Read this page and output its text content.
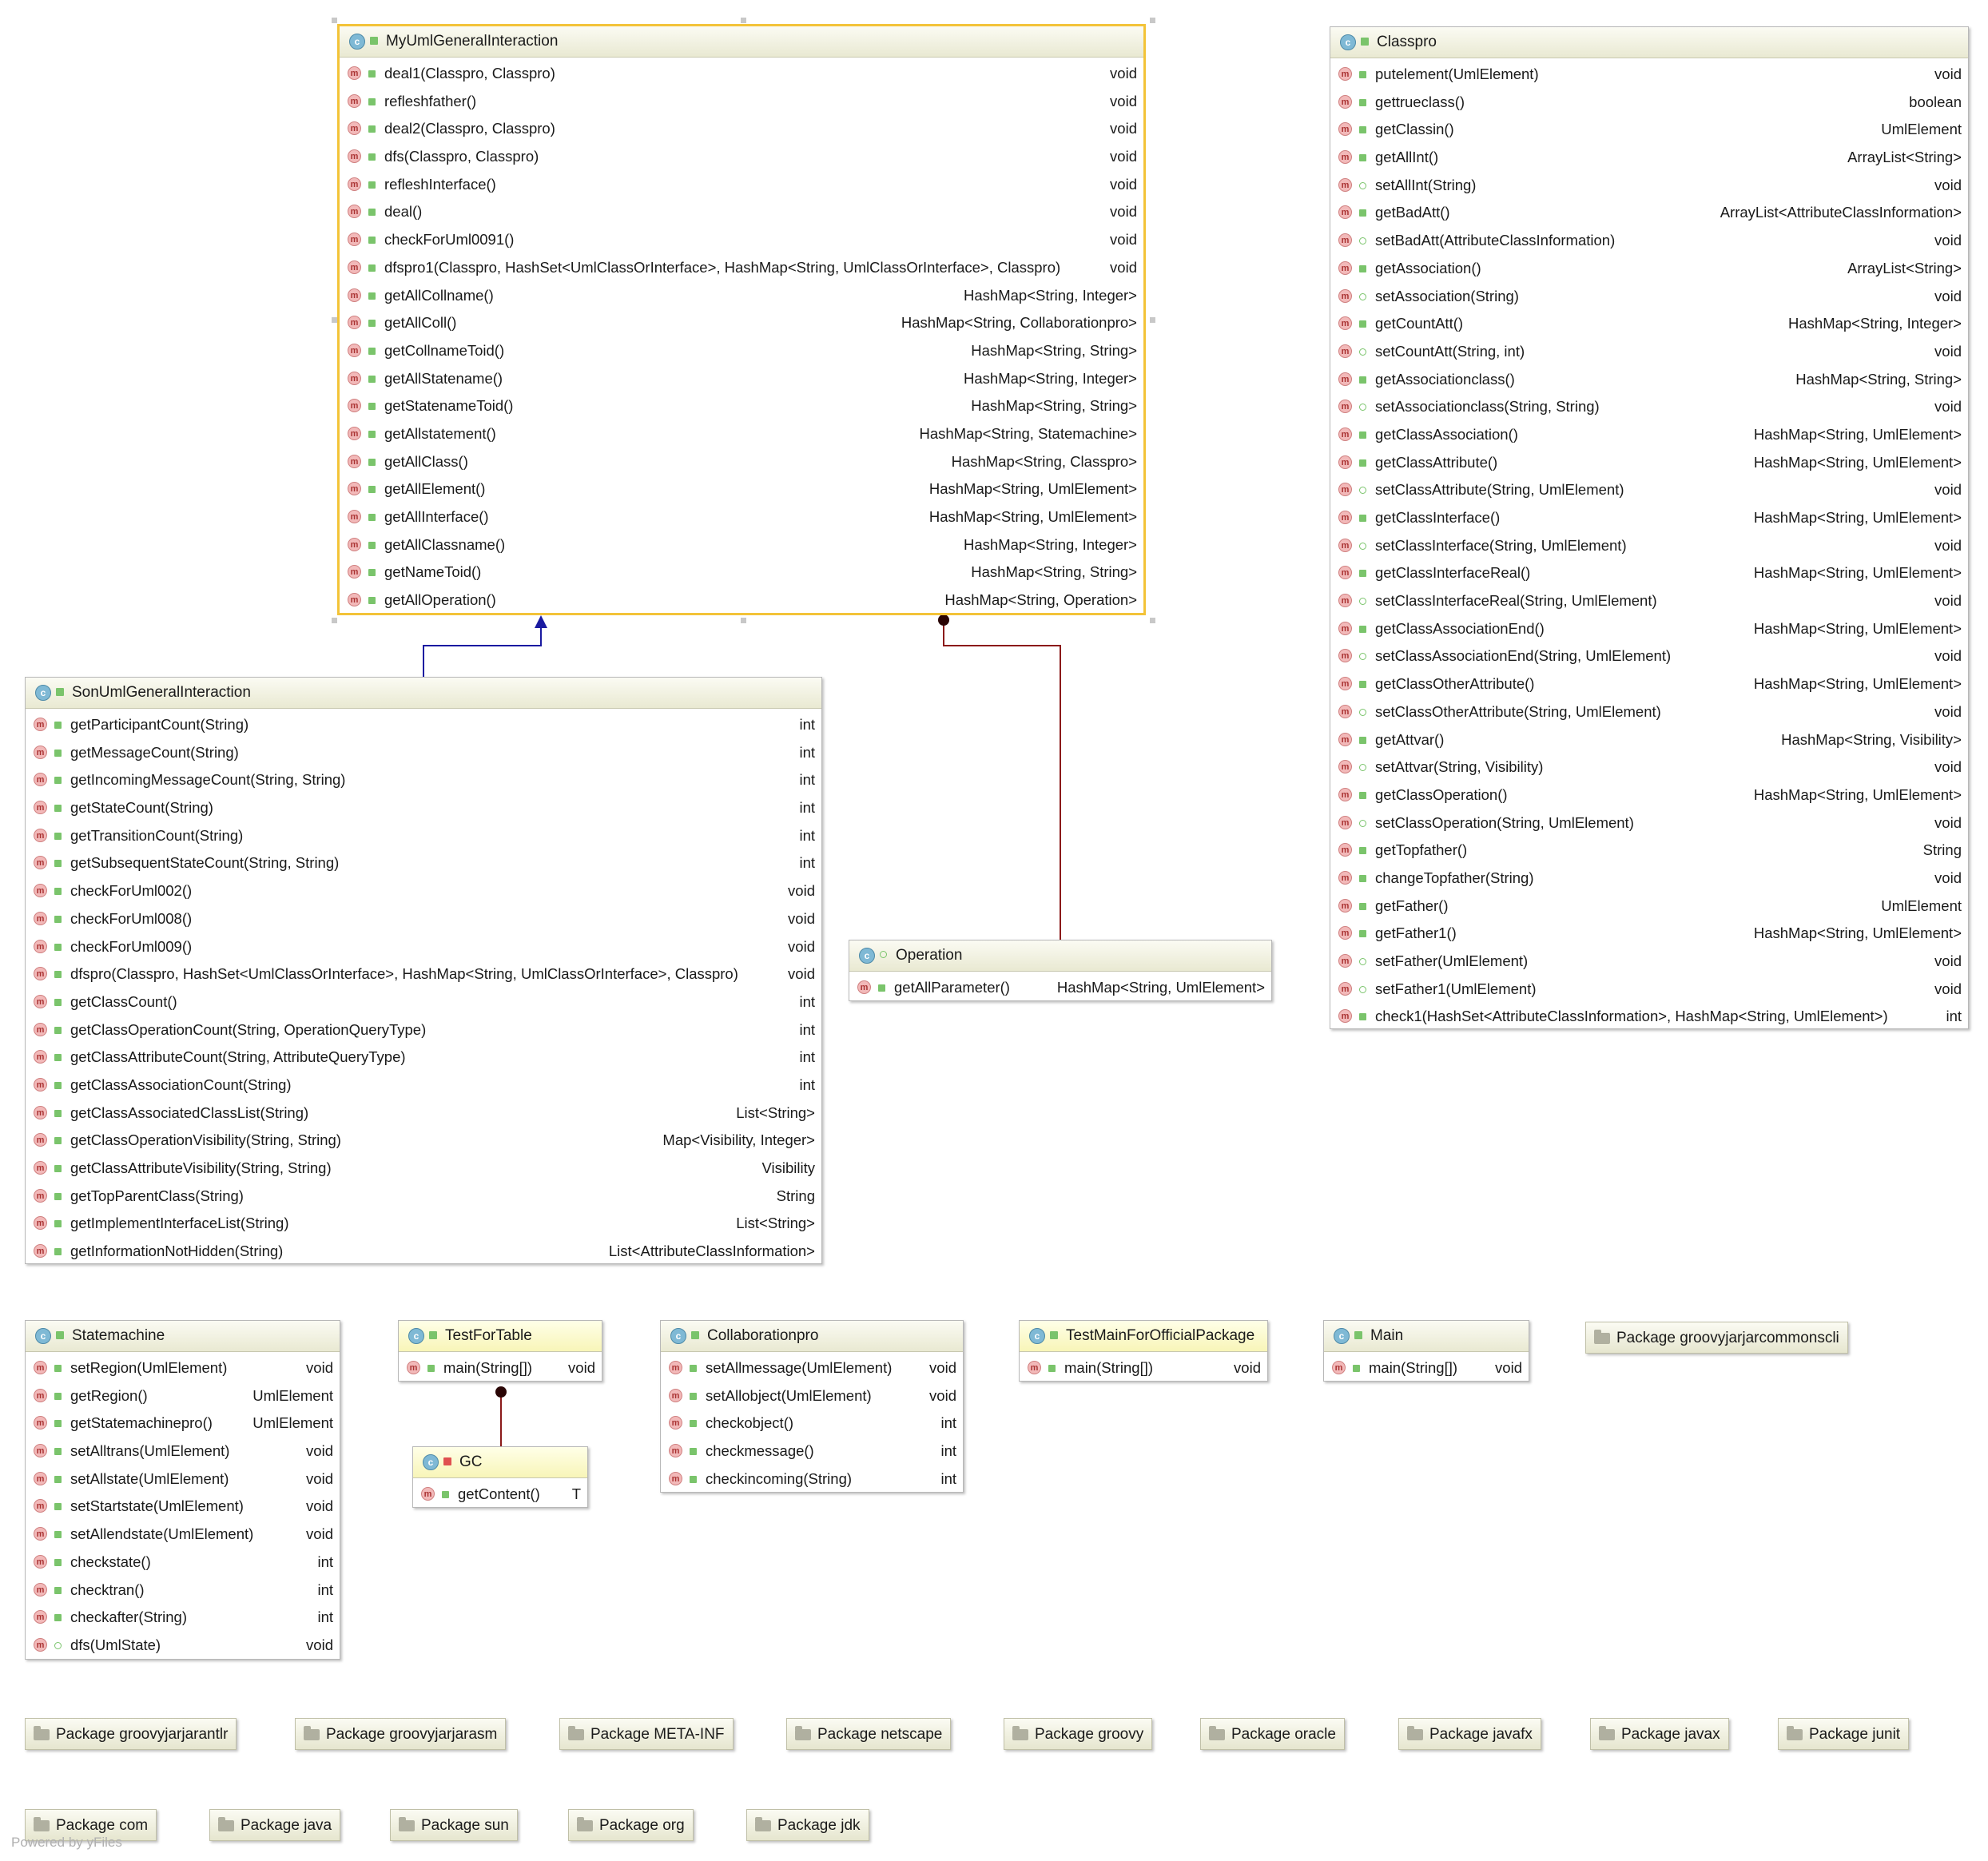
c	MyUmlGeneralInteraction
m deal1(Classpro, Classpro)	void
m refleshfather()	void
m deal2(Classpro, Classpro)	void
m dfs(Classpro, Classpro)	void
m refleshInterface()	void
m deal()	void
m checkForUml0091()	void
m dfspro1(Classpro, HashSet<UmlClassOrInterface>, HashMap<String, UmlClassOrInterface>, Classpro)	void
m getAllCollname()	HashMap<String, Integer>
m getAllColl()	HashMap<String, Collaborationpro>
m getCollnameToid()	HashMap<String, String>
m getAllStatename()	HashMap<String, Integer>
m getStatenameToid()	HashMap<String, String>
m getAllstatement()	HashMap<String, Statemachine>
m getAllClass()	HashMap<String, Classpro>
m getAllElement()	HashMap<String, UmlElement>
m getAllInterface()	HashMap<String, UmlElement>
m getAllClassname()	HashMap<String, Integer>
m getNameToid()	HashMap<String, String>
m getAllOperation()	HashMap<String, Operation>
c	Classpro
m putelement(UmlElement)	void
m gettrueclass()	boolean
m getClassin()	UmlElement
m getAllInt()	ArrayList<String>
m setAllInt(String)	void
m getBadAtt()	ArrayList<AttributeClassInformation>
m setBadAtt(AttributeClassInformation)	void
m getAssociation()	ArrayList<String>
m setAssociation(String)	void
m getCountAtt()	HashMap<String, Integer>
m setCountAtt(String, int)	void
m getAssociationclass()	HashMap<String, String>
m setAssociationclass(String, String)	void
m getClassAssociation()	HashMap<String, UmlElement>
m getClassAttribute()	HashMap<String, UmlElement>
m setClassAttribute(String, UmlElement)	void
m getClassInterface()	HashMap<String, UmlElement>
m setClassInterface(String, UmlElement)	void
m getClassInterfaceReal()	HashMap<String, UmlElement>
m setClassInterfaceReal(String, UmlElement)	void
m getClassAssociationEnd()	HashMap<String, UmlElement>
m setClassAssociationEnd(String, UmlElement)	void
m getClassOtherAttribute()	HashMap<String, UmlElement>
m setClassOtherAttribute(String, UmlElement)	void
m getAttvar()	HashMap<String, Visibility>
m setAttvar(String, Visibility)	void
m getClassOperation()	HashMap<String, UmlElement>
m setClassOperation(String, UmlElement)	void
m getTopfather()	String
m changeTopfather(String)	void
m getFather()	UmlElement
m getFather1()	HashMap<String, UmlElement>
m setFather(UmlElement)	void
m setFather1(UmlElement)	void
m check1(HashSet<AttributeClassInformation>, HashMap<String, UmlElement>)	int
c	SonUmlGeneralInteraction
m getParticipantCount(String)	int
m getMessageCount(String)	int
m getIncomingMessageCount(String, String)	int
m getStateCount(String)	int
m getTransitionCount(String)	int
m getSubsequentStateCount(String, String)	int
m checkForUml002()	void
m checkForUml008()	void
m checkForUml009()	void
m dfspro(Classpro, HashSet<UmlClassOrInterface>, HashMap<String, UmlClassOrInterface>, Classpro)	void
m getClassCount()	int
m getClassOperationCount(String, OperationQueryType)	int
m getClassAttributeCount(String, AttributeQueryType)	int
m getClassAssociationCount(String)	int
m getClassAssociatedClassList(String)	List<String>
m getClassOperationVisibility(String, String)	Map<Visibility, Integer>
m getClassAttributeVisibility(String, String)	Visibility
m getTopParentClass(String)	String
m getImplementInterfaceList(String)	List<String>
m getInformationNotHidden(String)	List<AttributeClassInformation>
c	Operation
m getAllParameter()	HashMap<String, UmlElement>
c	Statemachine
m setRegion(UmlElement)	void
m getRegion()	UmlElement
m getStatemachinepro()	UmlElement
m setAlltrans(UmlElement)	void
m setAllstate(UmlElement)	void
m setStartstate(UmlElement)	void
m setAllendstate(UmlElement)	void
m checkstate()	int
m checktran()	int
m checkafter(String)	int
m dfs(UmlState)	void
c	TestForTable
m main(String[]) void
c	GC
m getContent() T
c	Collaborationpro
m setAllmessage(UmlElement)	void
m setAllobject(UmlElement)	void
m checkobject()	int
m checkmessage()	int
m checkincoming(String)	int
c	TestMainForOfficialPackage
m main(String[])	void
c	Main
m main(String[])	void
Package groovyjarjarcommonscli
Package groovyjarjarantlr	Package groovyjarjarasm	Package META-INF	Package netscape	Package groovy	Package oracle	Package javafx	Package javax	Package junit
Package com	Package java	Package sun	Package org	Package jdk
Powered by yFiles
